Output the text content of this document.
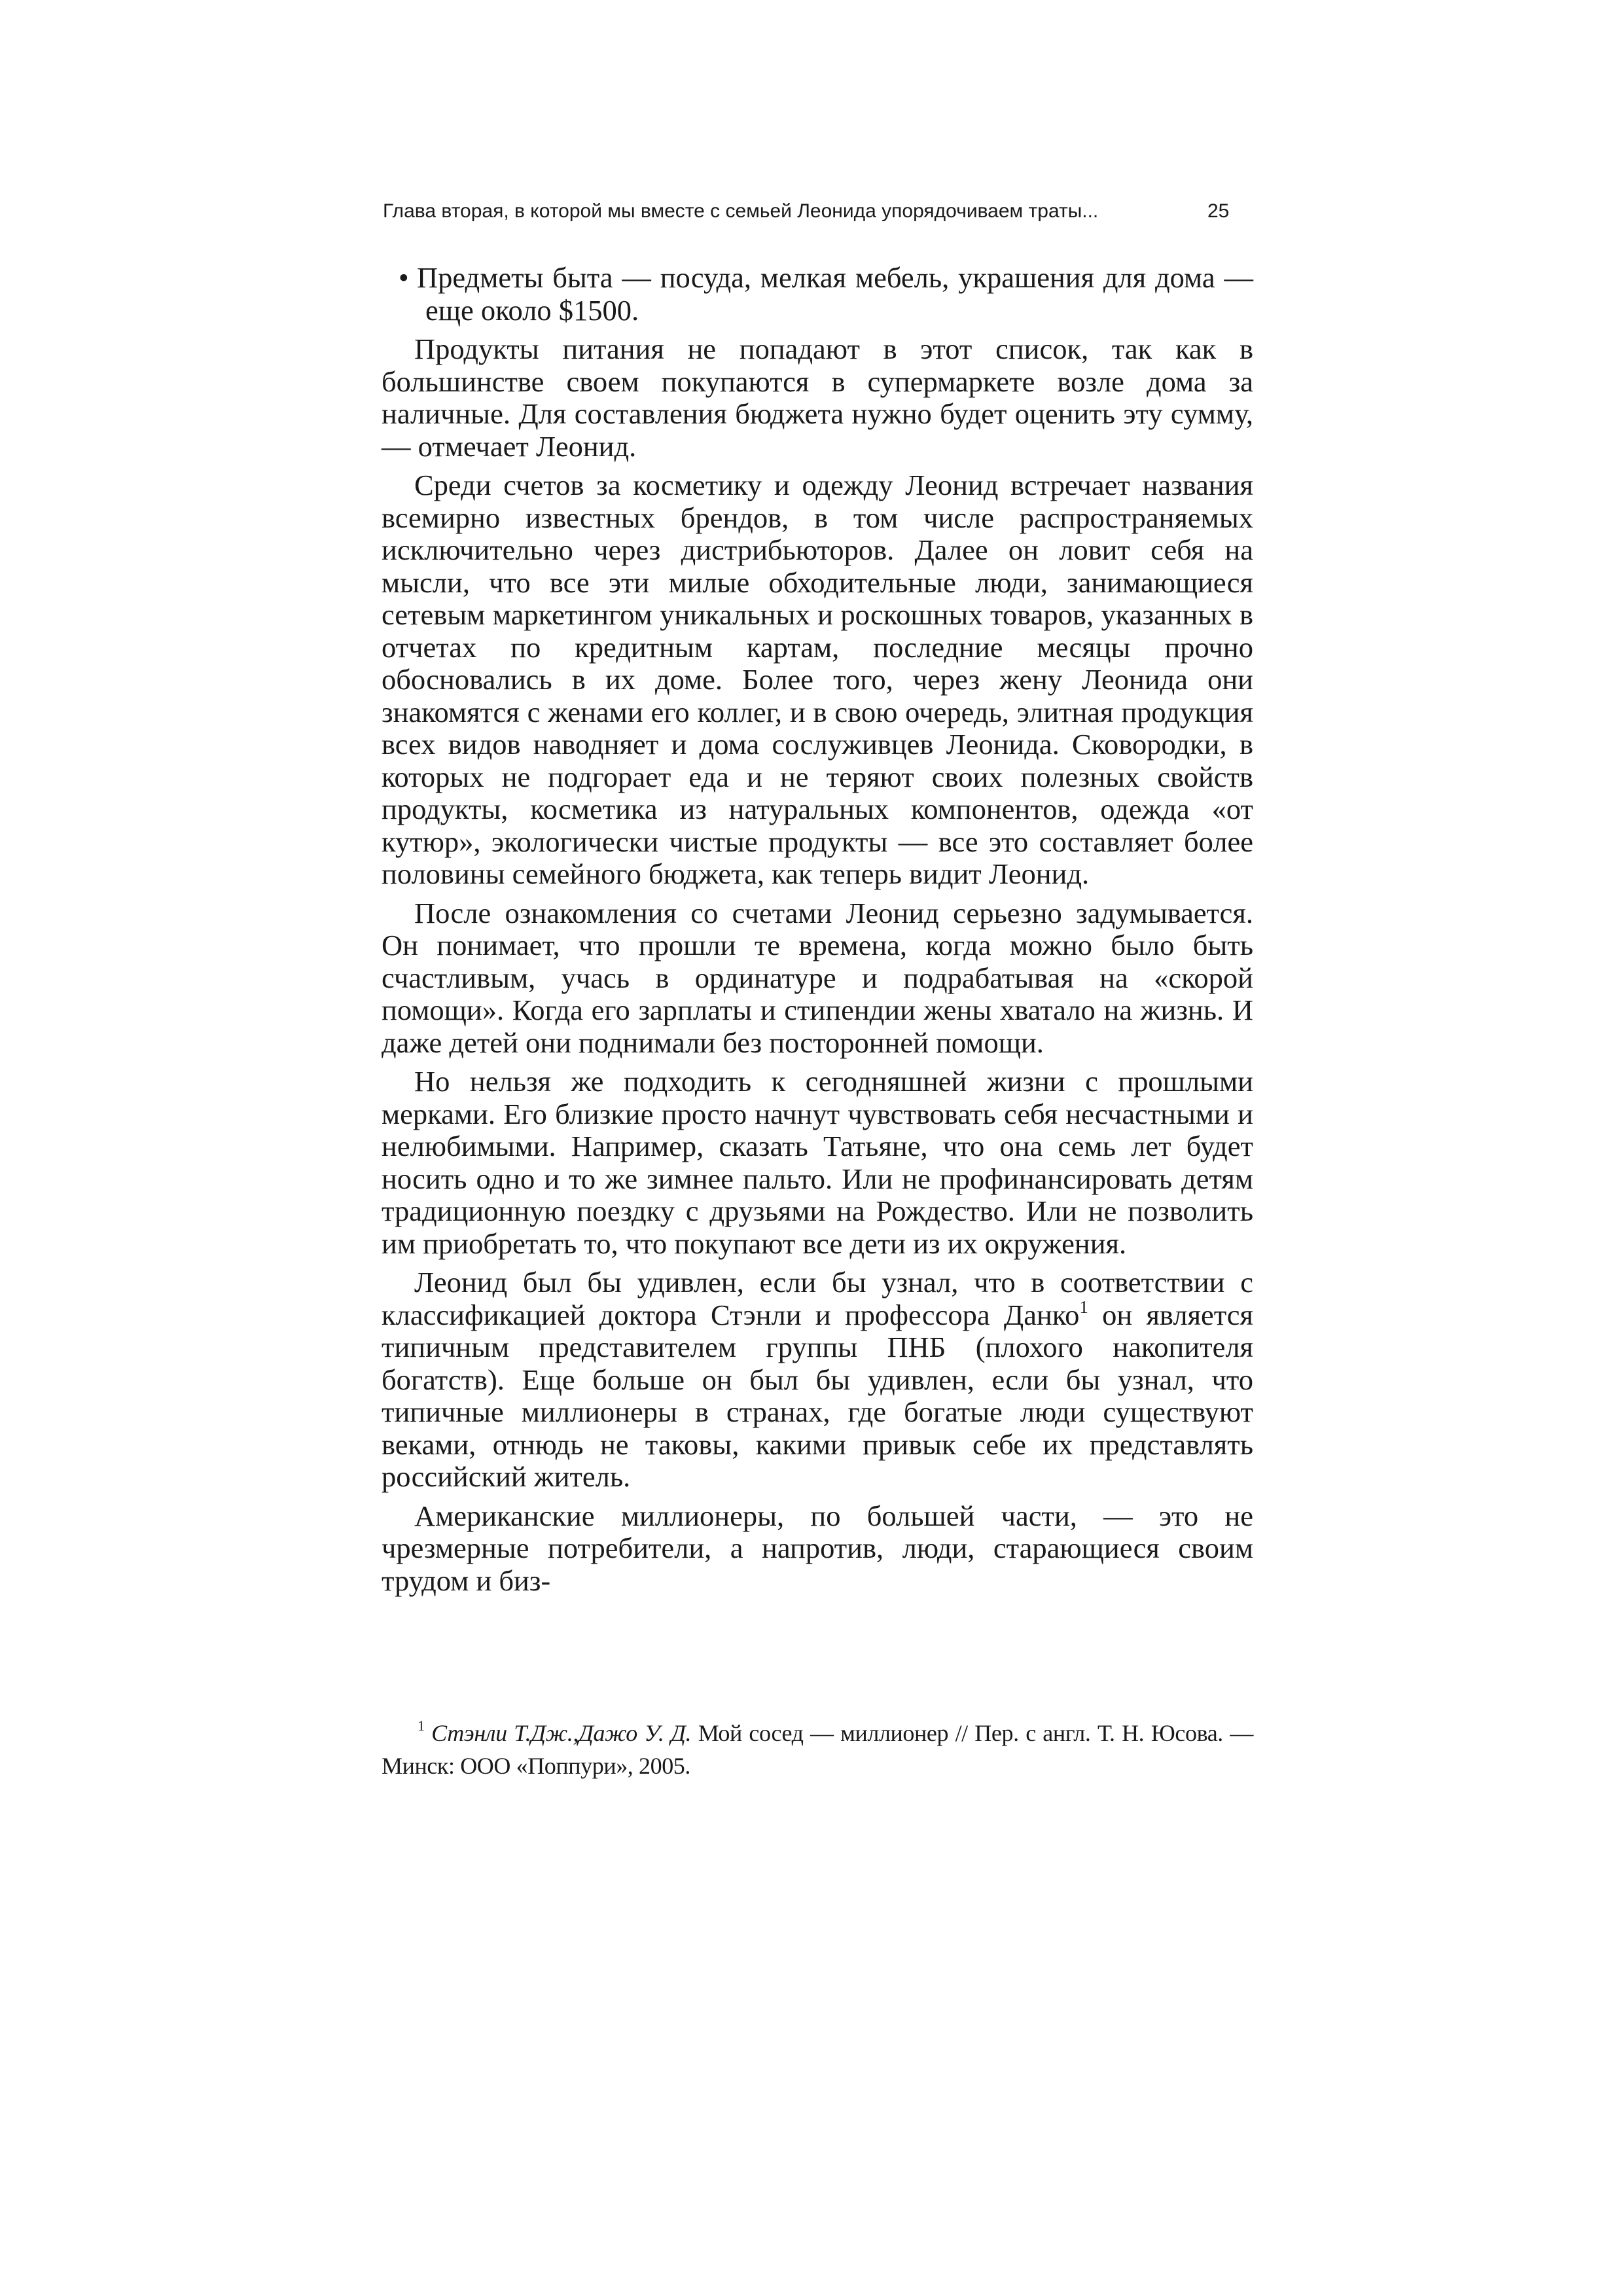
Глава вторая, в которой мы вместе с семьей Леонида упорядочиваем траты...	25

• Предметы быта — посуда, мелкая мебель, украшения для дома — еще около $1500.

Продукты питания не попадают в этот список, так как в большинстве своем покупаются в супермаркете возле дома за наличные. Для составления бюджета нужно будет оценить эту сумму, — отмечает Леонид.

Среди счетов за косметику и одежду Леонид встречает названия всемирно известных брендов, в том числе распространяемых исключительно через дистрибьюторов. Далее он ловит себя на мысли, что все эти милые обходительные люди, занимающиеся сетевым маркетингом уникальных и роскошных товаров, указанных в отчетах по кредитным картам, последние месяцы прочно обосновались в их доме. Более того, через жену Леонида они знакомятся с женами его коллег, и в свою очередь, элитная продукция всех видов наводняет и дома сослуживцев Леонида. Сковородки, в которых не подгорает еда и не теряют своих полезных свойств продукты, косметика из натуральных компонентов, одежда «от кутюр», экологически чистые продукты — все это составляет более половины семейного бюджета, как теперь видит Леонид.

После ознакомления со счетами Леонид серьезно задумывается. Он понимает, что прошли те времена, когда можно было быть счастливым, учась в ординатуре и подрабатывая на «скорой помощи». Когда его зарплаты и стипендии жены хватало на жизнь. И даже детей они поднимали без посторонней помощи.

Но нельзя же подходить к сегодняшней жизни с прошлыми мерками. Его близкие просто начнут чувствовать себя несчастными и нелюбимыми. Например, сказать Татьяне, что она семь лет будет носить одно и то же зимнее пальто. Или не профинансировать детям традиционную поездку с друзьями на Рождество. Или не позволить им приобретать то, что покупают все дети из их окружения.

Леонид был бы удивлен, если бы узнал, что в соответствии с классификацией доктора Стэнли и профессора Данко$^1$ он является типичным представителем группы ПНБ (плохого накопителя богатств). Еще больше он был бы удивлен, если бы узнал, что типичные миллионеры в странах, где богатые люди существуют веками, отнюдь не таковы, какими привык себе их представлять российский житель.

Американские миллионеры, по большей части, — это не чрезмерные потребители, а напротив, люди, старающиеся своим трудом и биз-

$^1$ Стэнли Т.Дж.,Дажо У. Д. Мой сосед — миллионер // Пер. с англ. Т. Н. Юсова. — Минск: ООО «Поппури», 2005.
